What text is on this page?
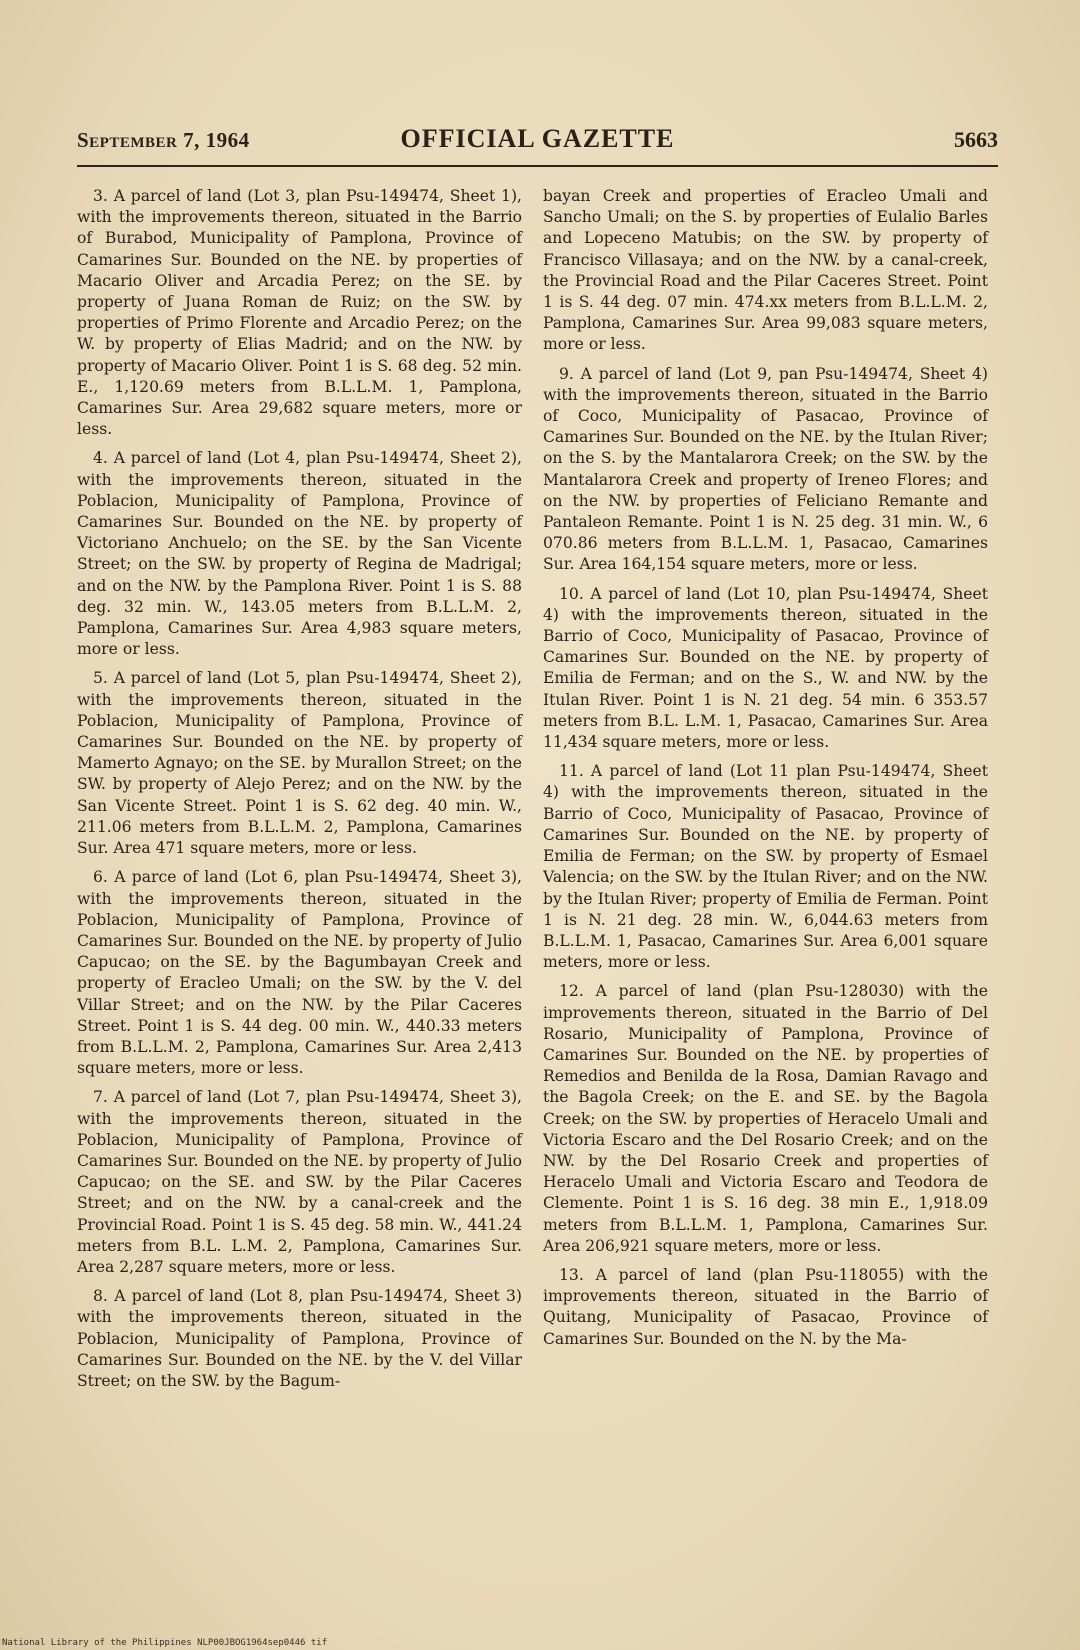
September 7, 1964	OFFICIAL GAZETTE	5663

3. A parcel of land (Lot 3, plan Psu-149474, Sheet 1), with the improvements thereon, situated in the Barrio of Burabod, Municipality of Pamplona, Province of Camarines Sur. Bounded on the NE. by properties of Macario Oliver and Arcadia Perez; on the SE. by property of Juana Roman de Ruiz; on the SW. by properties of Primo Florente and Arcadio Perez; on the W. by property of Elias Madrid; and on the NW. by property of Macario Oliver. Point 1 is S. 68 deg. 52 min. E., 1,120.69 meters from B.L.L.M. 1, Pamplona, Camarines Sur. Area 29,682 square meters, more or less.

4. A parcel of land (Lot 4, plan Psu-149474, Sheet 2), with the improvements thereon, situated in the Poblacion, Municipality of Pamplona, Province of Camarines Sur. Bounded on the NE. by property of Victoriano Anchuelo; on the SE. by the San Vicente Street; on the SW. by property of Regina de Madrigal; and on the NW. by the Pamplona River. Point 1 is S. 88 deg. 32 min. W., 143.05 meters from B.L.L.M. 2, Pamplona, Camarines Sur. Area 4,983 square meters, more or less.

5. A parcel of land (Lot 5, plan Psu-149474, Sheet 2), with the improvements thereon, situated in the Poblacion, Municipality of Pamplona, Province of Camarines Sur. Bounded on the NE. by property of Mamerto Agnayo; on the SE. by Murallon Street; on the SW. by property of Alejo Perez; and on the NW. by the San Vicente Street. Point 1 is S. 62 deg. 40 min. W., 211.06 meters from B.L.L.M. 2, Pamplona, Camarines Sur. Area 471 square meters, more or less.

6. A parce of land (Lot 6, plan Psu-149474, Sheet 3), with the improvements thereon, situated in the Poblacion, Municipality of Pamplona, Province of Camarines Sur. Bounded on the NE. by property of Julio Capucao; on the SE. by the Bagumbayan Creek and property of Eracleo Umali; on the SW. by the V. del Villar Street; and on the NW. by the Pilar Caceres Street. Point 1 is S. 44 deg. 00 min. W., 440.33 meters from B.L.L.M. 2, Pamplona, Camarines Sur. Area 2,413 square meters, more or less.

7. A parcel of land (Lot 7, plan Psu-149474, Sheet 3), with the improvements thereon, situated in the Poblacion, Municipality of Pamplona, Province of Camarines Sur. Bounded on the NE. by property of Julio Capucao; on the SE. and SW. by the Pilar Caceres Street; and on the NW. by a canal-creek and the Provincial Road. Point 1 is S. 45 deg. 58 min. W., 441.24 meters from B.L. L.M. 2, Pamplona, Camarines Sur. Area 2,287 square meters, more or less.

8. A parcel of land (Lot 8, plan Psu-149474, Sheet 3) with the improvements thereon, situated in the Poblacion, Municipality of Pamplona, Province of Camarines Sur. Bounded on the NE. by the V. del Villar Street; on the SW. by the Bagum-

bayan Creek and properties of Eracleo Umali and Sancho Umali; on the S. by properties of Eulalio Barles and Lopeceno Matubis; on the SW. by property of Francisco Villasaya; and on the NW. by a canal-creek, the Provincial Road and the Pilar Caceres Street. Point 1 is S. 44 deg. 07 min. 474.xx meters from B.L.L.M. 2, Pamplona, Camarines Sur. Area 99,083 square meters, more or less.

9. A parcel of land (Lot 9, pan Psu-149474, Sheet 4) with the improvements thereon, situated in the Barrio of Coco, Municipality of Pasacao, Province of Camarines Sur. Bounded on the NE. by the Itulan River; on the S. by the Mantalarora Creek; on the SW. by the Mantalarora Creek and property of Ireneo Flores; and on the NW. by properties of Feliciano Remante and Pantaleon Remante. Point 1 is N. 25 deg. 31 min. W., 6 070.86 meters from B.L.L.M. 1, Pasacao, Camarines Sur. Area 164,154 square meters, more or less.

10. A parcel of land (Lot 10, plan Psu-149474, Sheet 4) with the improvements thereon, situated in the Barrio of Coco, Municipality of Pasacao, Province of Camarines Sur. Bounded on the NE. by property of Emilia de Ferman; and on the S., W. and NW. by the Itulan River. Point 1 is N. 21 deg. 54 min. 6 353.57 meters from B.L. L.M. 1, Pasacao, Camarines Sur. Area 11,434 square meters, more or less.

11. A parcel of land (Lot 11 plan Psu-149474, Sheet 4) with the improvements thereon, situated in the Barrio of Coco, Municipality of Pasacao, Province of Camarines Sur. Bounded on the NE. by property of Emilia de Ferman; on the SW. by property of Esmael Valencia; on the SW. by the Itulan River; and on the NW. by the Itulan River; property of Emilia de Ferman. Point 1 is N. 21 deg. 28 min. W., 6,044.63 meters from B.L.L.M. 1, Pasacao, Camarines Sur. Area 6,001 square meters, more or less.

12. A parcel of land (plan Psu-128030) with the improvements thereon, situated in the Barrio of Del Rosario, Municipality of Pamplona, Province of Camarines Sur. Bounded on the NE. by properties of Remedios and Benilda de la Rosa, Damian Ravago and the Bagola Creek; on the E. and SE. by the Bagola Creek; on the SW. by properties of Heracelo Umali and Victoria Escaro and the Del Rosario Creek; and on the NW. by the Del Rosario Creek and properties of Heracelo Umali and Victoria Escaro and Teodora de Clemente. Point 1 is S. 16 deg. 38 min E., 1,918.09 meters from B.L.L.M. 1, Pamplona, Camarines Sur. Area 206,921 square meters, more or less.

13. A parcel of land (plan Psu-118055) with the improvements thereon, situated in the Barrio of Quitang, Municipality of Pasacao, Province of Camarines Sur. Bounded on the N. by the Ma-

National Library of the Philippines NLP00JBOG1964sep0446 tif
